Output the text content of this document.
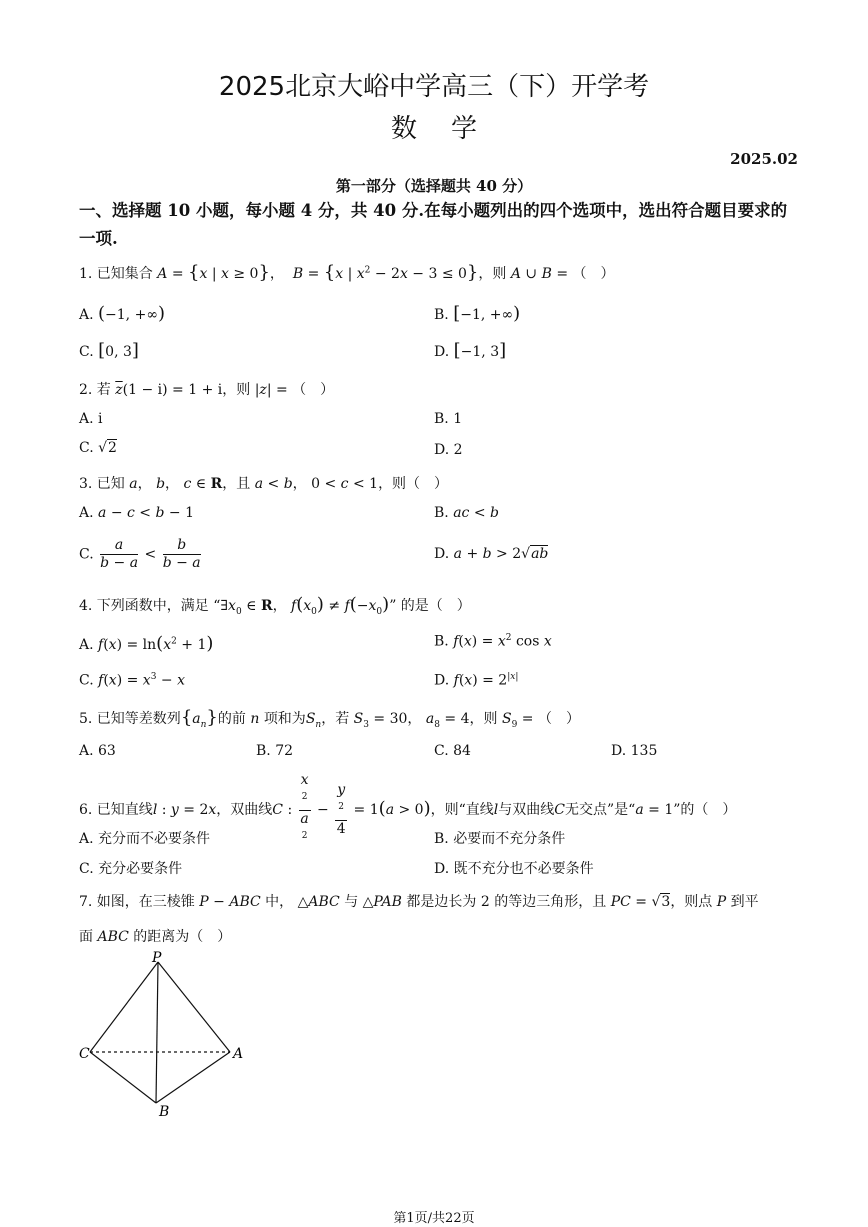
2025北京大峪中学高三（下）开学考
数学
2025.02
第一部分（选择题共 40 分）
一、选择题 10 小题，每小题 4 分，共 40 分.在每小题列出的四个选项中，选出符合题目要求的一项.
1. 已知集合 A = {x | x ≥ 0}， B = {x | $x^2 - 2x - 3 \le 0$}，则 A ∪ B = （　）
A. (−1, +∞)	B. [−1, +∞)
C. [0, 3]	D. [−1, 3]
2. 若 $\overline{z}(1 - i) = 1 + i$，则 |z| = （　）
A. i	B. 1
C. √2	D. 2
3. 已知 a， b， c ∈ R，且 a < b， 0 < c < 1，则（　）
A. a − c < b − 1	B. ac < b
C. $\frac{a}{b - a} < \frac{b}{b - a}$	D. a + b > 2√ab
4. 下列函数中，满足 “$\exists x_0$ ∈ R， $f(x_0) \ne f(-x_0)$” 的是（　）
A. $f(x) = \ln(x^2 + 1)$	B. $f(x) = x^2$ cos x
C. $f(x) = x^3 - x$	D. $f(x) = 2^{|x|}$
5. 已知等差数列$\{a_n\}$的前 n 项和为$S_n$，若 $S_3 = 30$， $a_8 = 4$，则 $S_9$ = （　）
A. 63	B. 72	C. 84	D. 135
6. 已知直线l : y = 2x，双曲线C : x
$^2$
a
$^2$ − y
$^2$
4 = 1(a > 0)，则“直线l与双曲线C无交点”是“a = 1”的（　）
A. 充分而不必要条件	B. 必要而不充分条件
C. 充分必要条件	D. 既不充分也不必要条件
7. 如图，在三棱锥 P − ABC 中， △ABC 与 △PAB 都是边长为 2 的等边三角形，且 PC = √3，则点 P 到平
面 ABC 的距离为（　）
P
C	A
B
第1页/共22页
